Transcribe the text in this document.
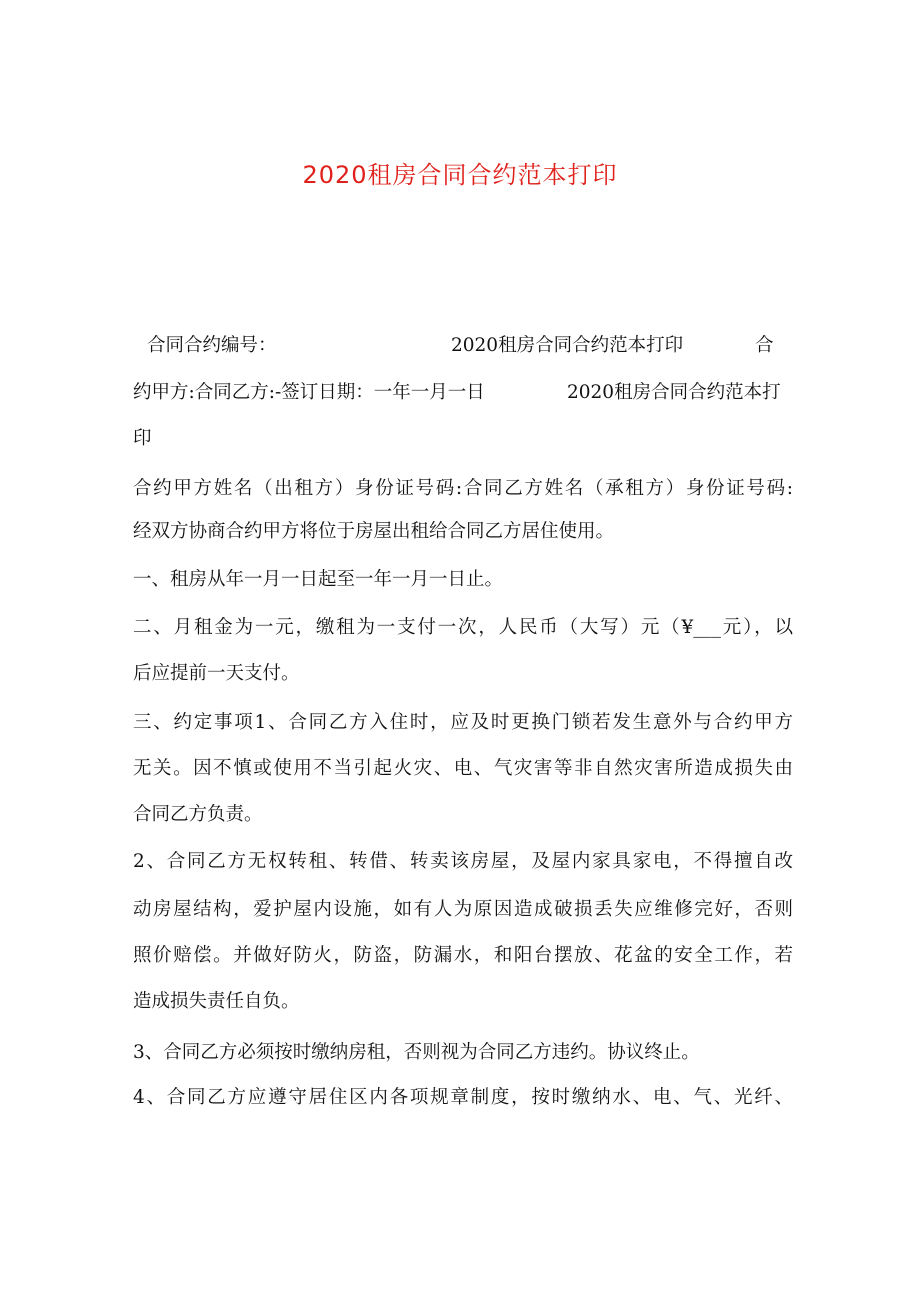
2020租房合同合约范本打印
合同合约编号：	2020租房合同合约范本打印	合
约甲方:合同乙方:-签订日期：一年一月一日	2020租房合同合约范本打
印
合约甲方姓名（出租方）身份证号码:合同乙方姓名（承租方）身份证号码:
经双方协商合约甲方将位于房屋出租给合同乙方居住使用。
一、租房从年一月一日起至一年一月一日止。
二、月租金为一元，缴租为一支付一次，人民币（大写）元（¥___元），以
后应提前一天支付。
三、约定事项1、合同乙方入住时，应及时更换门锁若发生意外与合约甲方
无关。因不慎或使用不当引起火灾、电、气灾害等非自然灾害所造成损失由
合同乙方负责。
2、合同乙方无权转租、转借、转卖该房屋，及屋内家具家电，不得擅自改
动房屋结构，爱护屋内设施，如有人为原因造成破损丢失应维修完好，否则
照价赔偿。并做好防火，防盗，防漏水，和阳台摆放、花盆的安全工作，若
造成损失责任自负。
3、合同乙方必须按时缴纳房租，否则视为合同乙方违约。协议终止。
4、合同乙方应遵守居住区内各项规章制度，按时缴纳水、电、气、光纤、
